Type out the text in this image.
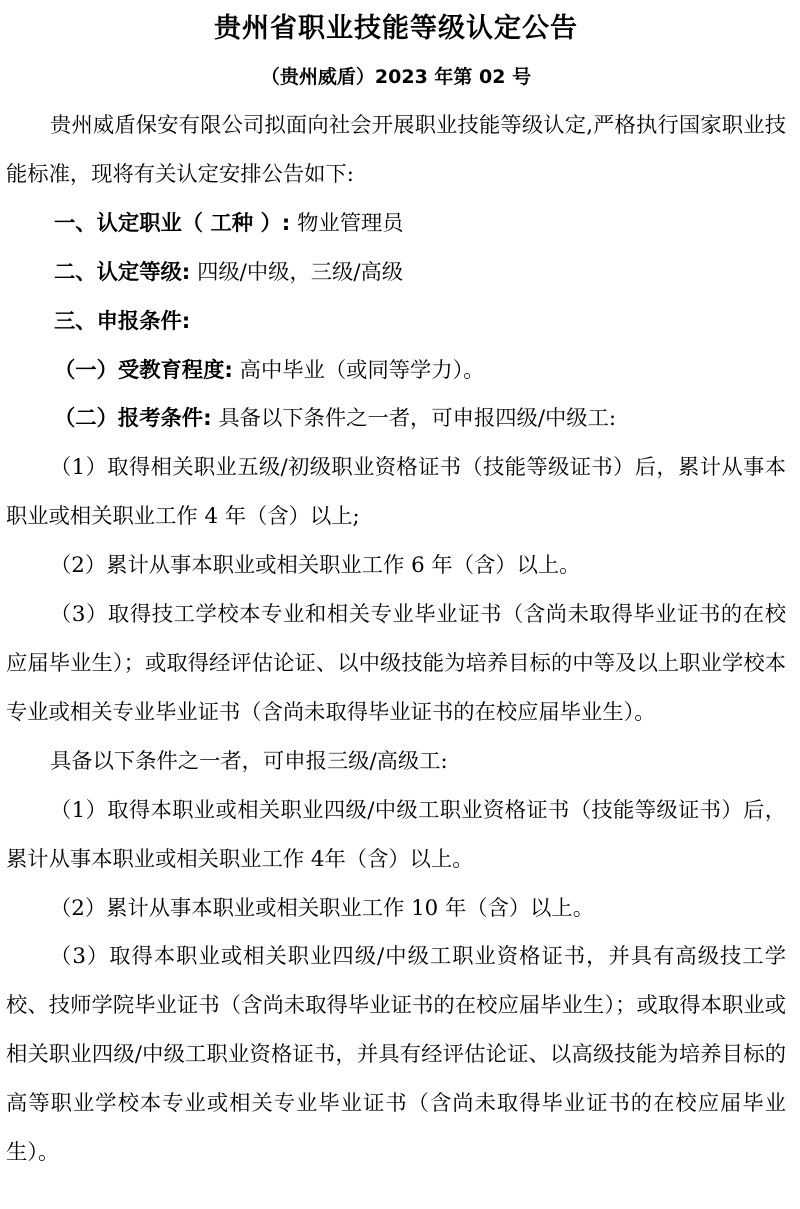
贵州省职业技能等级认定公告
（贵州威盾）2023 年第 02 号

贵州威盾保安有限公司拟面向社会开展职业技能等级认定,严格执行国家职业技能标准，现将有关认定安排公告如下:

一、认定职业（ 工种 ）: 物业管理员

二、认定等级: 四级/中级，三级/高级

三、申报条件:

（一）受教育程度: 高中毕业（或同等学力）。

（二）报考条件: 具备以下条件之一者，可申报四级/中级工:

（1）取得相关职业五级/初级职业资格证书（技能等级证书）后，累计从事本职业或相关职业工作 4 年（含）以上;

（2）累计从事本职业或相关职业工作 6 年（含）以上。

（3）取得技工学校本专业和相关专业毕业证书（含尚未取得毕业证书的在校应届毕业生）；或取得经评估论证、以中级技能为培养目标的中等及以上职业学校本专业或相关专业毕业证书（含尚未取得毕业证书的在校应届毕业生）。

具备以下条件之一者，可申报三级/高级工:

（1）取得本职业或相关职业四级/中级工职业资格证书（技能等级证书）后，累计从事本职业或相关职业工作 4年（含）以上。

（2）累计从事本职业或相关职业工作 10 年（含）以上。

（3）取得本职业或相关职业四级/中级工职业资格证书，并具有高级技工学校、技师学院毕业证书（含尚未取得毕业证书的在校应届毕业生）；或取得本职业或相关职业四级/中级工职业资格证书，并具有经评估论证、以高级技能为培养目标的高等职业学校本专业或相关专业毕业证书（含尚未取得毕业证书的在校应届毕业生）。
